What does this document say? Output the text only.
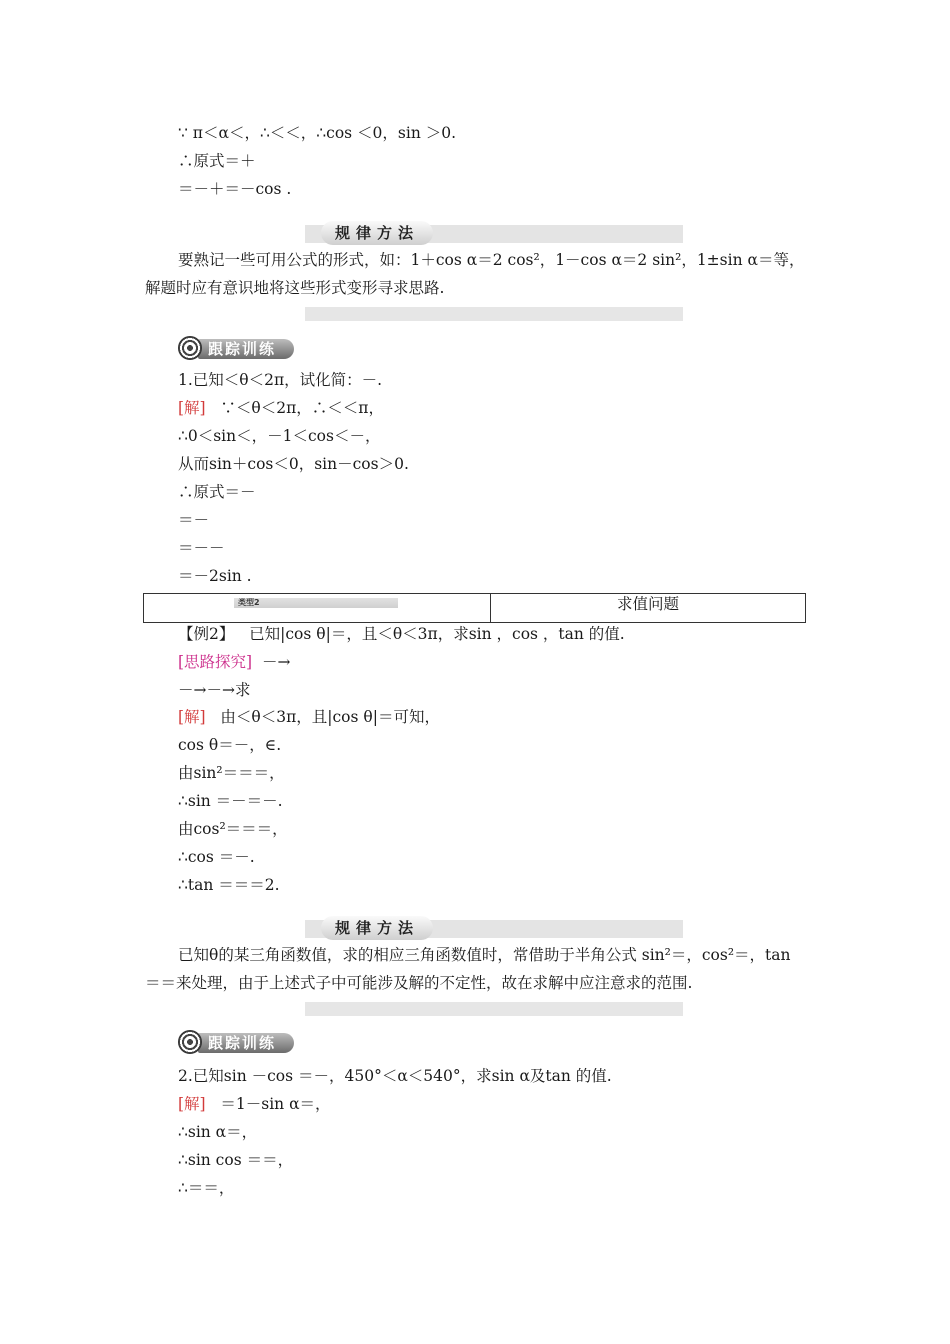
∵ π＜α＜，∴＜＜，∴cos ＜0，sin ＞0.
∴原式＝＋
＝－＋＝－cos .
规律方法
要熟记一些可用公式的形式，如：1＋cos α＝2 cos²，1－cos α＝2 sin²，1±sin α＝等，解题时应有意识地将这些形式变形寻求思路.
跟踪训练
1.已知＜θ＜2π，试化简：－.
[解] ∵＜θ＜2π，∴＜＜π，
∴0＜sin＜，－1＜cos＜－，
从而sin＋cos＜0，sin－cos＞0.
∴原式＝－
＝－
＝－－
＝－2sin .
类型2	求值问题
【例2】 已知|cos θ|＝，且＜θ＜3π，求sin ，cos ，tan 的值.
[思路探究] －→
－→－→求
[解] 由＜θ＜3π，且|cos θ|＝可知，
cos θ＝－，∈.
由sin²＝＝＝，
∴sin ＝－＝－.
由cos²＝＝＝，
∴cos ＝－.
∴tan ＝＝＝2.
规律方法
已知θ的某三角函数值，求的相应三角函数值时，常借助于半角公式 sin²＝，cos²＝，tan ＝＝来处理，由于上述式子中可能涉及解的不定性，故在求解中应注意求的范围.
跟踪训练
2.已知sin －cos ＝－，450°＜α＜540°，求sin α及tan 的值.
[解] ＝1－sin α＝，
∴sin α＝，
∴sin cos ＝＝，
∴＝＝，
